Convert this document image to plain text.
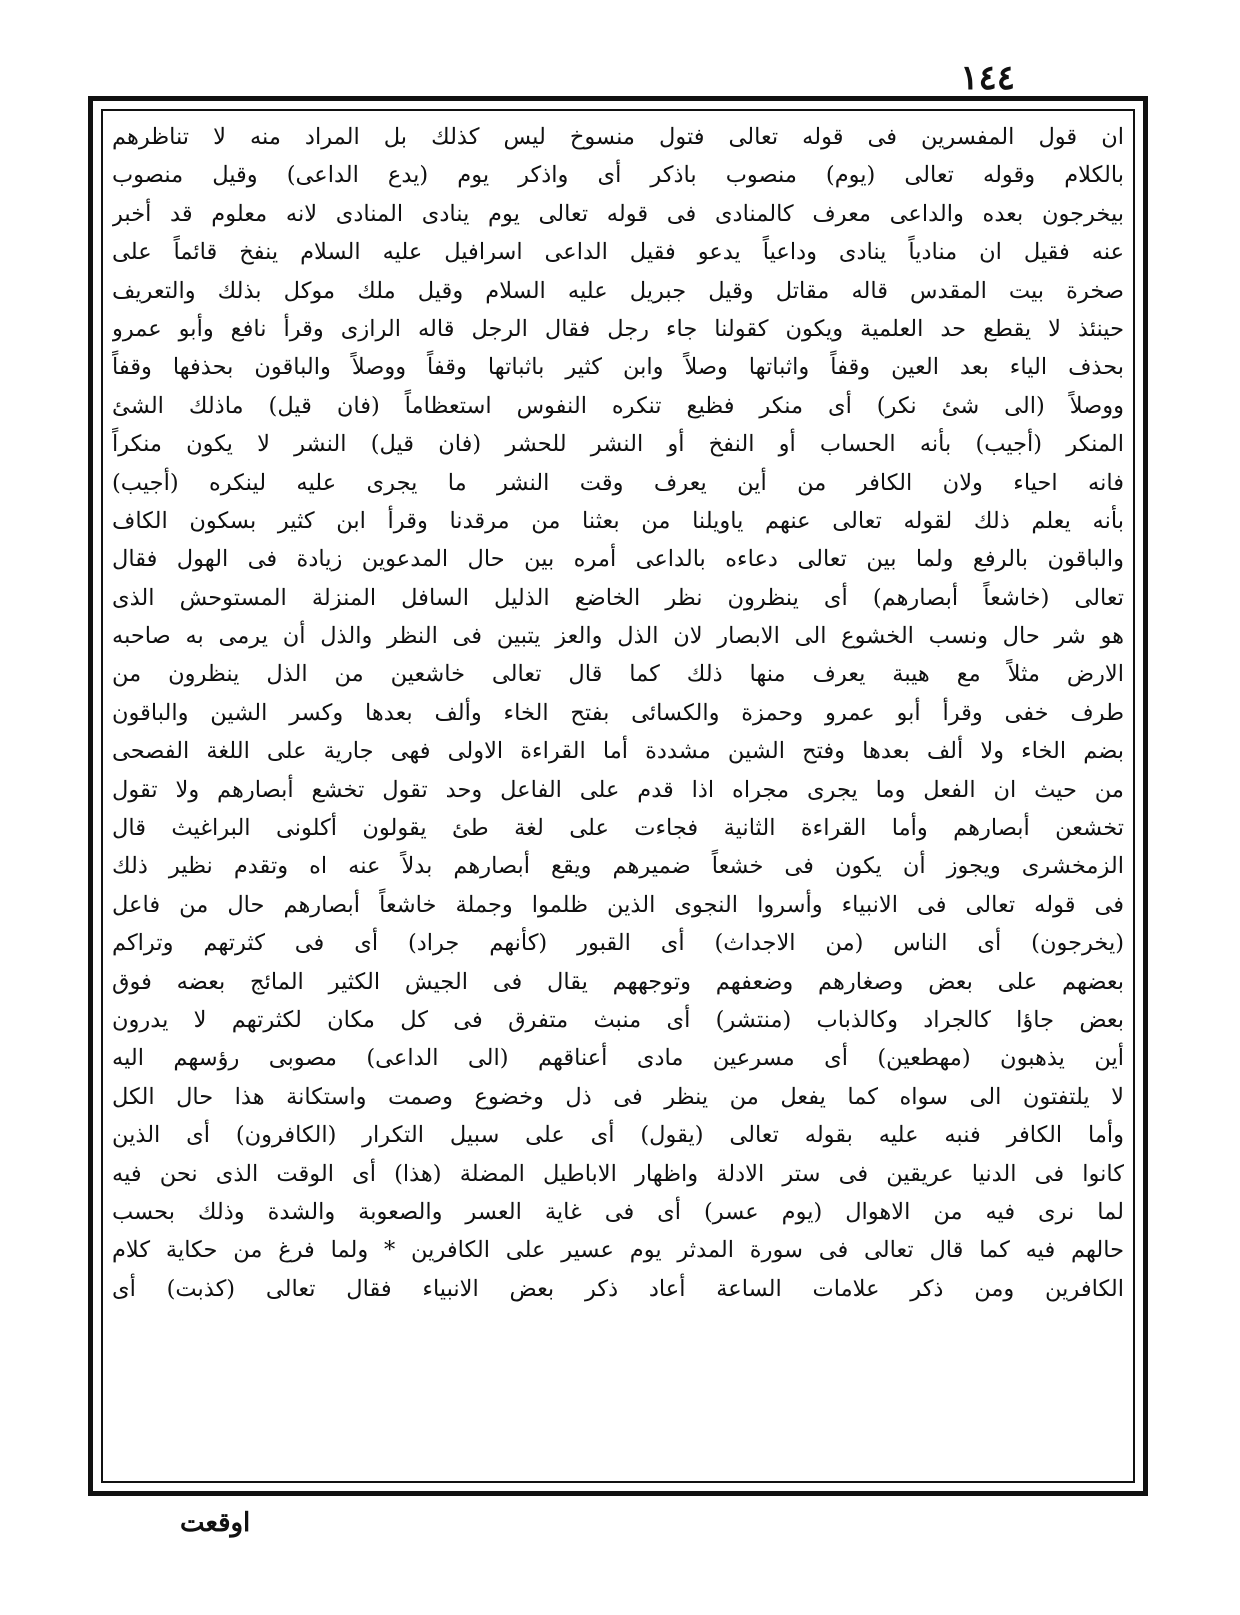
١٤٤
ان قول المفسرين فى قوله تعالى فتول منسوخ ليس كذلك بل المراد منه لا تناظرهم
بالكلام وقوله تعالى (يوم) منصوب باذكر أى واذكر يوم (يدع الداعى) وقيل منصوب
بيخرجون بعده والداعى معرف كالمنادى فى قوله تعالى يوم ينادى المنادى لانه معلوم قد أخبر
عنه فقيل ان منادياً ينادى وداعياً يدعو فقيل الداعى اسرافيل عليه السلام ينفخ قائماً على
صخرة بيت المقدس قاله مقاتل وقيل جبريل عليه السلام وقيل ملك موكل بذلك والتعريف
حينئذ لا يقطع حد العلمية ويكون كقولنا جاء رجل فقال الرجل قاله الرازى وقرأ نافع وأبو عمرو
بحذف الياء بعد العين وقفاً واثباتها وصلاً وابن كثير باثباتها وقفاً ووصلاً والباقون بحذفها وقفاً
ووصلاً (الى شئ نكر) أى منكر فظيع تنكره النفوس استعظاماً (فان قيل) ماذلك الشئ
المنكر (أجيب) بأنه الحساب أو النفخ أو النشر للحشر (فان قيل) النشر لا يكون منكراً
فانه احياء ولان الكافر من أين يعرف وقت النشر ما يجرى عليه لينكره (أجيب)
بأنه يعلم ذلك لقوله تعالى عنهم ياويلنا من بعثنا من مرقدنا وقرأ ابن كثير بسكون الكاف
والباقون بالرفع ولما بين تعالى دعاءه بالداعى أمره بين حال المدعوين زيادة فى الهول فقال
تعالى (خاشعاً أبصارهم) أى ينظرون نظر الخاضع الذليل السافل المنزلة المستوحش الذى
هو شر حال ونسب الخشوع الى الابصار لان الذل والعز يتبين فى النظر والذل أن يرمى به صاحبه
الارض مثلاً مع هيبة يعرف منها ذلك كما قال تعالى خاشعين من الذل ينظرون من
طرف خفى وقرأ أبو عمرو وحمزة والكسائى بفتح الخاء وألف بعدها وكسر الشين والباقون
بضم الخاء ولا ألف بعدها وفتح الشين مشددة أما القراءة الاولى فهى جارية على اللغة الفصحى
من حيث ان الفعل وما يجرى مجراه اذا قدم على الفاعل وحد تقول تخشع أبصارهم ولا تقول
تخشعن أبصارهم وأما القراءة الثانية فجاءت على لغة طئ يقولون أكلونى البراغيث قال
الزمخشرى ويجوز أن يكون فى خشعاً ضميرهم ويقع أبصارهم بدلاً عنه اه وتقدم نظير ذلك
فى قوله تعالى فى الانبياء وأسروا النجوى الذين ظلموا وجملة خاشعاً أبصارهم حال من فاعل
(يخرجون) أى الناس (من الاجداث) أى القبور (كأنهم جراد) أى فى كثرتهم وتراكم
بعضهم على بعض وصغارهم وضعفهم وتوجههم يقال فى الجيش الكثير المائج بعضه فوق
بعض جاؤا كالجراد وكالذباب (منتشر) أى منبث متفرق فى كل مكان لكثرتهم لا يدرون
أين يذهبون (مهطعين) أى مسرعين مادى أعناقهم (الى الداعى) مصوبى رؤسهم اليه
لا يلتفتون الى سواه كما يفعل من ينظر فى ذل وخضوع وصمت واستكانة هذا حال الكل
وأما الكافر فنبه عليه بقوله تعالى (يقول) أى على سبيل التكرار (الكافرون) أى الذين
كانوا فى الدنيا عريقين فى ستر الادلة واظهار الاباطيل المضلة (هذا) أى الوقت الذى نحن فيه
لما نرى فيه من الاهوال (يوم عسر) أى فى غاية العسر والصعوبة والشدة وذلك بحسب
حالهم فيه كما قال تعالى فى سورة المدثر يوم عسير على الكافرين * ولما فرغ من حكاية كلام
الكافرين ومن ذكر علامات الساعة أعاد ذكر بعض الانبياء فقال تعالى (كذبت) أى
اوقعت
